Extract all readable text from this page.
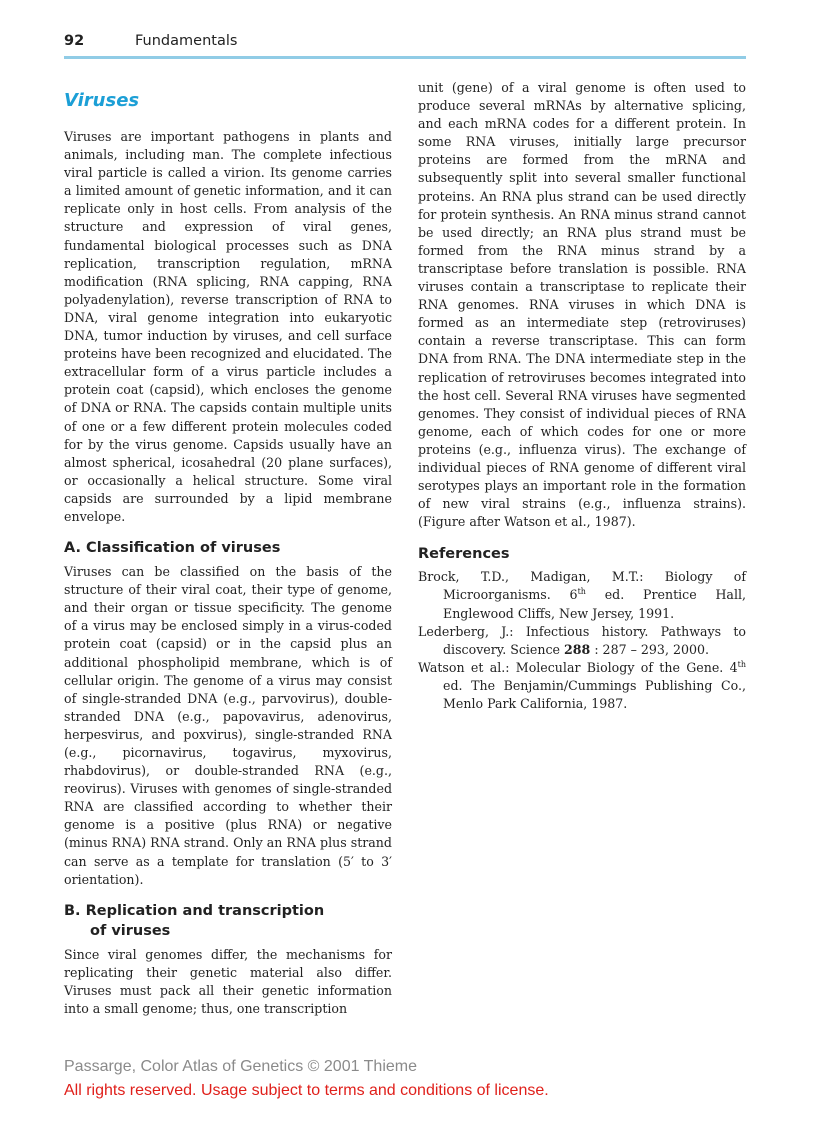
92	Fundamentals
Viruses

Viruses are important pathogens in plants and animals, including man. The complete infectious viral particle is called a virion. Its genome carries a limited amount of genetic information, and it can replicate only in host cells. From analysis of the structure and expression of viral genes, fundamental biological processes such as DNA replication, transcription regulation, mRNA modification (RNA splicing, RNA capping, RNA polyadenylation), reverse transcription of RNA to DNA, viral genome integration into eukaryotic DNA, tumor induction by viruses, and cell surface proteins have been recognized and elucidated. The extracellular form of a virus particle includes a protein coat (capsid), which encloses the genome of DNA or RNA. The capsids contain multiple units of one or a few different protein molecules coded for by the virus genome. Capsids usually have an almost spherical, icosahedral (20 plane surfaces), or occasionally a helical structure. Some viral capsids are surrounded by a lipid membrane envelope.

A. Classification of viruses

Viruses can be classified on the basis of the structure of their viral coat, their type of genome, and their organ or tissue specificity. The genome of a virus may be enclosed simply in a virus-coded protein coat (capsid) or in the capsid plus an additional phospholipid membrane, which is of cellular origin. The genome of a virus may consist of single-stranded DNA (e.g., parvovirus), double-stranded DNA (e.g., papovavirus, adenovirus, herpesvirus, and poxvirus), single-stranded RNA (e.g., picornavirus, togavirus, myxovirus, rhabdovirus), or double-stranded RNA (e.g., reovirus). Viruses with genomes of single-stranded RNA are classified according to whether their genome is a positive (plus RNA) or negative (minus RNA) RNA strand. Only an RNA plus strand can serve as a template for translation (5′ to 3′ orientation).

B. Replication and transcription
of viruses

Since viral genomes differ, the mechanisms for replicating their genetic material also differ. Viruses must pack all their genetic information into a small genome; thus, one transcription

unit (gene) of a viral genome is often used to produce several mRNAs by alternative splicing, and each mRNA codes for a different protein. In some RNA viruses, initially large precursor proteins are formed from the mRNA and subsequently split into several smaller functional proteins. An RNA plus strand can be used directly for protein synthesis. An RNA minus strand cannot be used directly; an RNA plus strand must be formed from the RNA minus strand by a transcriptase before translation is possible. RNA viruses contain a transcriptase to replicate their RNA genomes. RNA viruses in which DNA is formed as an intermediate step (retroviruses) contain a reverse transcriptase. This can form DNA from RNA. The DNA intermediate step in the replication of retroviruses becomes integrated into the host cell. Several RNA viruses have segmented genomes. They consist of individual pieces of RNA genome, each of which codes for one or more proteins (e.g., influenza virus). The exchange of individual pieces of RNA genome of different viral serotypes plays an important role in the formation of new viral strains (e.g., influenza strains). (Figure after Watson et al., 1987).

References

Brock, T.D., Madigan, M.T.: Biology of Microorganisms. 6th ed. Prentice Hall, Englewood Cliffs, New Jersey, 1991.

Lederberg, J.: Infectious history. Pathways to discovery. Science 288 : 287 – 293, 2000.

Watson et al.: Molecular Biology of the Gene. 4th ed. The Benjamin/Cummings Publishing Co., Menlo Park California, 1987.

Passarge, Color Atlas of Genetics © 2001 Thieme
All rights reserved. Usage subject to terms and conditions of license.
